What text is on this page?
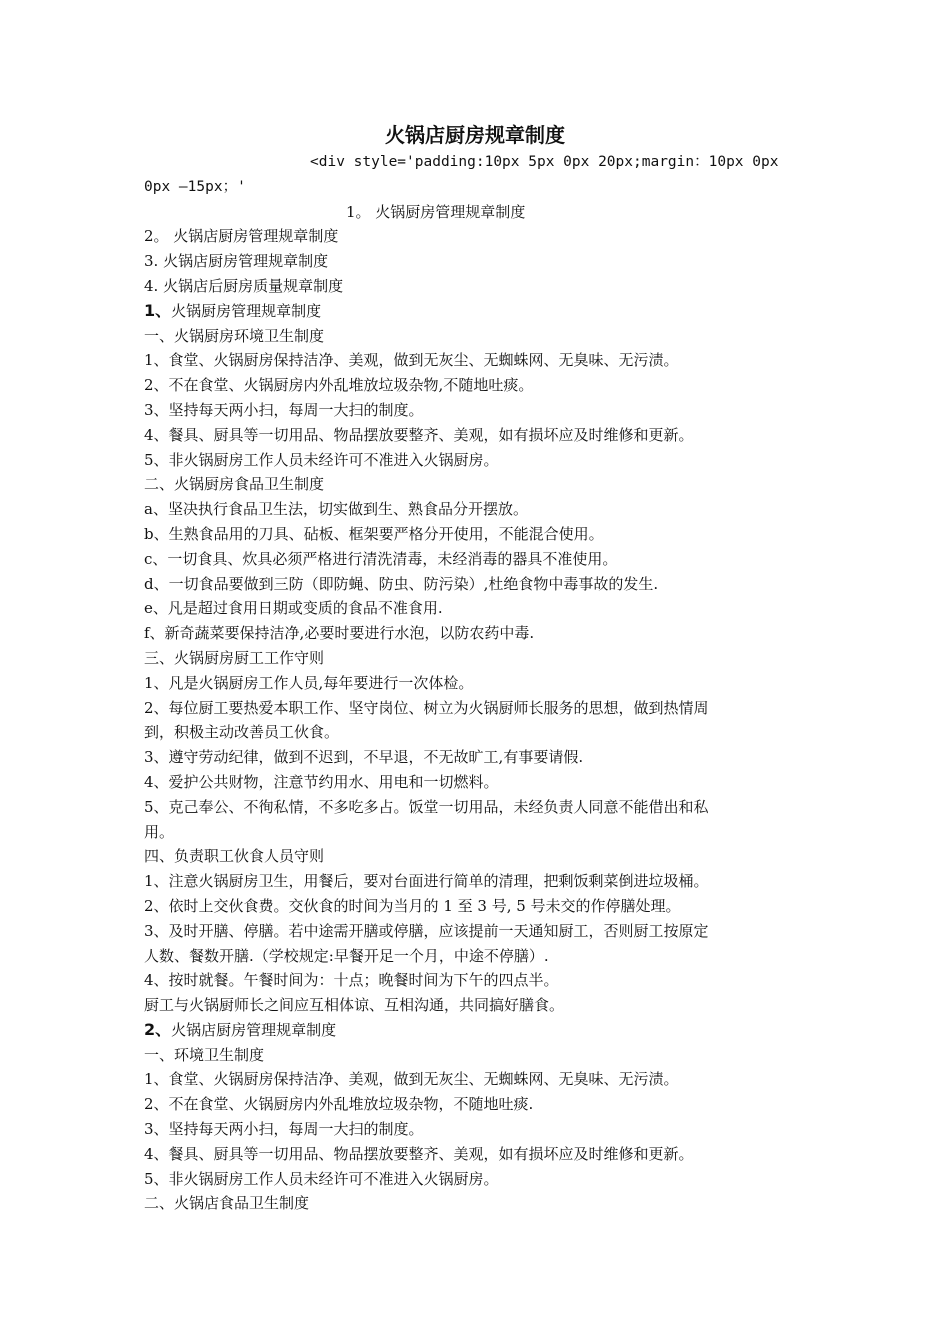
火锅店厨房规章制度
<div style='padding:10px 5px 0px 20px;margin：10px 0px
0px —15px；'
1。 火锅厨房管理规章制度
2。 火锅店厨房管理规章制度
3. 火锅店厨房管理规章制度
4. 火锅店后厨房质量规章制度
1、火锅厨房管理规章制度
一、火锅厨房环境卫生制度
1、食堂、火锅厨房保持洁净、美观，做到无灰尘、无蜘蛛网、无臭味、无污渍。
2、不在食堂、火锅厨房内外乱堆放垃圾杂物,不随地吐痰。
3、坚持每天两小扫，每周一大扫的制度。
4、餐具、厨具等一切用品、物品摆放要整齐、美观，如有损坏应及时维修和更新。
5、非火锅厨房工作人员未经许可不准进入火锅厨房。
二、火锅厨房食品卫生制度
a、坚决执行食品卫生法，切实做到生、熟食品分开摆放。
b、生熟食品用的刀具、砧板、框架要严格分开使用，不能混合使用。
c、一切食具、炊具必须严格进行清洗清毒，未经消毒的器具不准使用。
d、一切食品要做到三防（即防蝇、防虫、防污染）,杜绝食物中毒事故的发生.
e、凡是超过食用日期或变质的食品不准食用.
f、新奇蔬菜要保持洁净,必要时要进行水泡，以防农药中毒.
三、火锅厨房厨工工作守则
1、凡是火锅厨房工作人员,每年要进行一次体检。
2、每位厨工要热爱本职工作、坚守岗位、树立为火锅厨师长服务的思想，做到热情周
到，积极主动改善员工伙食。
3、遵守劳动纪律，做到不迟到，不早退，不无故旷工,有事要请假.
4、爱护公共财物，注意节约用水、用电和一切燃料。
5、克己奉公、不徇私情，不多吃多占。饭堂一切用品，未经负责人同意不能借出和私
用。
四、负责职工伙食人员守则
1、注意火锅厨房卫生，用餐后，要对台面进行简单的清理，把剩饭剩菜倒进垃圾桶。
2、依时上交伙食费。交伙食的时间为当月的 1 至 3 号, 5 号未交的作停膳处理。
3、及时开膳、停膳。若中途需开膳或停膳，应该提前一天通知厨工，否则厨工按原定
人数、餐数开膳.（学校规定:早餐开足一个月，中途不停膳）.
4、按时就餐。午餐时间为：十点；晚餐时间为下午的四点半。
厨工与火锅厨师长之间应互相体谅、互相沟通，共同搞好膳食。
2、火锅店厨房管理规章制度
一、环境卫生制度
1、食堂、火锅厨房保持洁净、美观，做到无灰尘、无蜘蛛网、无臭味、无污渍。
2、不在食堂、火锅厨房内外乱堆放垃圾杂物，不随地吐痰.
3、坚持每天两小扫，每周一大扫的制度。
4、餐具、厨具等一切用品、物品摆放要整齐、美观，如有损坏应及时维修和更新。
5、非火锅厨房工作人员未经许可不准进入火锅厨房。
二、火锅店食品卫生制度
